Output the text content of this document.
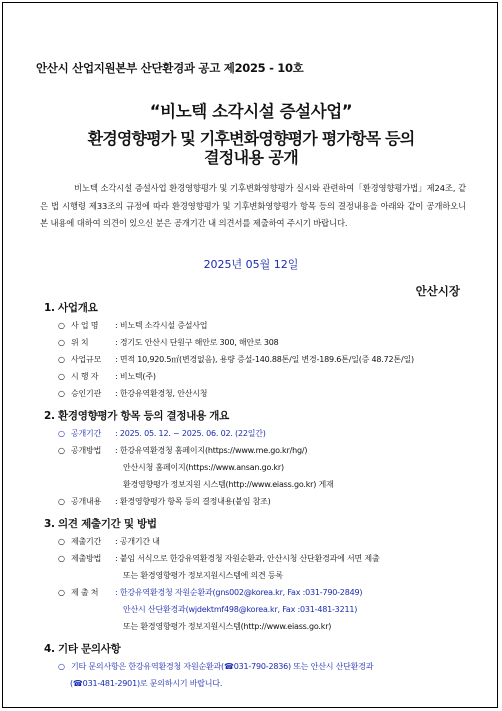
안산시 산업지원본부 산단환경과 공고 제2025 - 10호
“비노텍 소각시설 증설사업”
환경영향평가 및 기후변화영향평가 평가항목 등의
결정내용 공개
비노텍 소각시설 증설사업 환경영향평가 및 기후변화영향평가 실시와 관련하여「환경영향평가법」제24조, 같은 법 시행령 제33조의 규정에 따라 환경영향평가 및 기후변화영향평가 항목 등의 결정내용을 아래와 같이 공개하오니 본 내용에 대하여 의견이 있으신 분은 공개기간 내 의견서를 제출하여 주시기 바랍니다.
2025년 05월 12일
안산시장
1. 사업개요
○ 사 업 명 : 비노텍 소각시설 증설사업
○ 위 치	: 경기도 안산시 단원구 해안로 300, 해안로 308
○ 사업규모 : 면적 10,920.5㎡(변경없음), 용량 증설-140.88톤/일 변경-189.6톤/일(증 48.72톤/일)
○ 시 행 자 : 비노텍(주)
○ 승인기관 : 한강유역환경청, 안산시청
2. 환경영향평가 항목 등의 결정내용 개요
○ 공개기간 : 2025. 05. 12. ~ 2025. 06. 02. (22일간)
○ 공개방법 : 한강유역환경청 홈페이지(https://www.me.go.kr/hg/)
안산시청 홈페이지(https://www.ansan.go.kr)
환경영향평가 정보지원 시스템(http://www.eiass.go.kr) 게재
○ 공개내용 : 환경영향평가 항목 등의 결정내용(붙임 참조)
3. 의견 제출기간 및 방법
○ 제출기간 : 공개기간 내
○ 제출방법 : 붙임 서식으로 한강유역환경청 자원순환과, 안산시청 산단환경과에 서면 제출
또는 환경영향평가 정보지원시스템에 의견 등록
○ 제 출 처 : 한강유역환경청 자원순환과(gns002@korea.kr, Fax :031-790-2849)
안산시 산단환경과(wjdektmf498@korea.kr, Fax :031-481-3211)
또는 환경영향평가 정보지원시스템(http://www.eiass.go.kr)
4. 기타 문의사항
○ 기타 문의사항은 한강유역환경청 자원순환과(☎031-790-2836) 또는 안산시 산단환경과
(☎031-481-2901)로 문의하시기 바랍니다.
